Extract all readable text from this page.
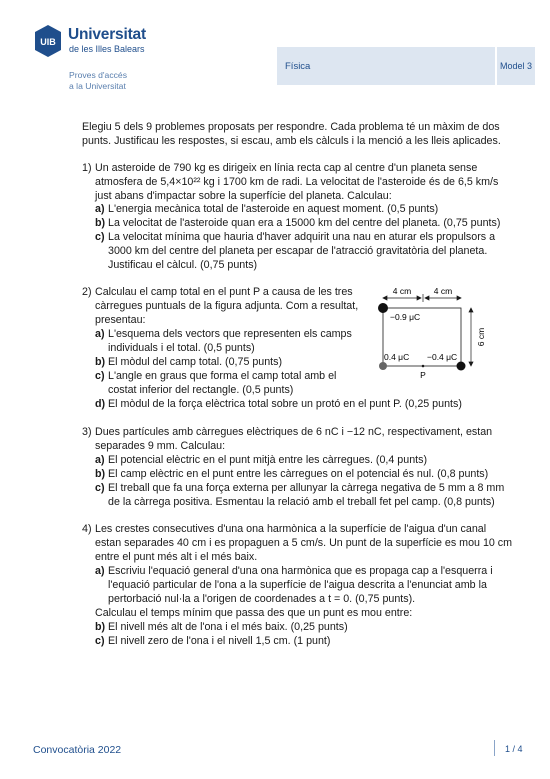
UIB Universitat
de les Illes Balears
Proves d'accés
a la Universitat
Física	Model 3
Elegiu 5 dels 9 problemes proposats per respondre. Cada problema té un màxim de dos
punts. Justificau les respostes, si escau, amb els càlculs i la menció a les lleis aplicades.
1) Un asteroide de 790 kg es dirigeix en línia recta cap al centre d'un planeta sense
atmosfera de 5,4×10²² kg i 1700 km de radi. La velocitat de l'asteroide és de 6,5 km/s
just abans d'impactar sobre la superfície del planeta. Calculau:
a) L'energia mecànica total de l'asteroide en aquest moment. (0,5 punts)
b) La velocitat de l'asteroide quan era a 15000 km del centre del planeta. (0,75 punts)
c) La velocitat mínima que hauria d'haver adquirit una nau en aturar els propulsors a
3000 km del centre del planeta per escapar de l'atracció gravitatòria del planeta.
Justificau el càlcul. (0,75 punts)
2) Calculau el camp total en el punt P a causa de les tres
càrregues puntuals de la figura adjunta. Com a resultat,
presentau:
a) L'esquema dels vectors que representen els camps
individuals i el total. (0,5 punts)
b) El mòdul del camp total. (0,75 punts)
c) L'angle en graus que forma el camp total amb el
costat inferior del rectangle. (0,5 punts)
d) El mòdul de la força elèctrica total sobre un protó en el punt P. (0,25 punts)
4 cm	4 cm
6 cm
−0.9 μC
0.4 μC −0.4 μC
P
3) Dues partícules amb càrregues elèctriques de 6 nC i −12 nC, respectivament, estan
separades 9 mm. Calculau:
a) El potencial elèctric en el punt mitjà entre les càrregues. (0,4 punts)
b) El camp elèctric en el punt entre les càrregues on el potencial és nul. (0,8 punts)
c) El treball que fa una força externa per allunyar la càrrega negativa de 5 mm a 8 mm
de la càrrega positiva. Esmentau la relació amb el treball fet pel camp. (0,8 punts)
4) Les crestes consecutives d'una ona harmònica a la superfície de l'aigua d'un canal
estan separades 40 cm i es propaguen a 5 cm/s. Un punt de la superfície es mou 10 cm
entre el punt més alt i el més baix.
a) Escriviu l'equació general d'una ona harmònica que es propaga cap a l'esquerra i
l'equació particular de l'ona a la superfície de l'aigua descrita a l'enunciat amb la
pertorbació nul·la a l'origen de coordenades a t = 0. (0,75 punts).
Calculau el temps mínim que passa des que un punt es mou entre:
b) El nivell més alt de l'ona i el més baix. (0,25 punts)
c) El nivell zero de l'ona i el nivell 1,5 cm. (1 punt)
Convocatòria 2022	1 / 4
